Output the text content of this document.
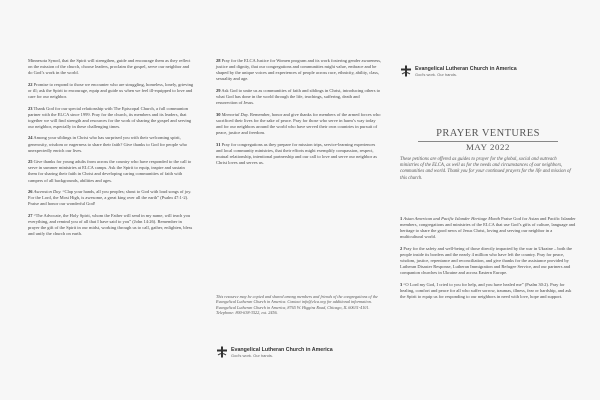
Minnesota Synod, that the Spirit will strengthen, guide and encourage them as they reflect on the mission of the church, choose leaders, proclaim the gospel, serve our neighbor and do God’s work in the world.

22 Promise to respond to those we encounter who are struggling, homeless, lonely, grieving or ill; ask the Spirit to encourage, equip and guide us when we feel ill-equipped to love and care for our neighbor.

23 Thank God for our special relationship with The Episcopal Church, a full communion partner with the ELCA since 1999. Pray for the church, its members and its leaders, that together we will find strength and resources for the work of sharing the gospel and serving our neighbor, especially in these challenging times.

24 Among your siblings in Christ who has surprised you with their welcoming spirit, generosity, wisdom or eagerness to share their faith? Give thanks to God for people who unexpectedly enrich our lives.

25 Give thanks for young adults from across the country who have responded to the call to serve in summer ministries at ELCA camps. Ask the Spirit to equip, inspire and sustain them for sharing their faith in Christ and developing caring communities of faith with campers of all backgrounds, abilities and ages.

26 Ascension Day. “Clap your hands, all you peoples; shout to God with loud songs of joy. For the Lord, the Most High, is awesome, a great king over all the earth” (Psalm 47:1-2). Praise and honor our wonderful God!

27 “The Advocate, the Holy Spirit, whom the Father will send in my name, will teach you everything, and remind you of all that I have said to you” (John 14:26). Remember in prayer the gift of the Spirit in our midst, working through us to call, gather, enlighten, bless and unify the church on earth.

28 Pray for the ELCA Justice for Women program and its work fostering gender awareness, justice and dignity, that our congregations and communities might value, embrace and be shaped by the unique voices and experiences of people across race, ethnicity, ability, class, sexuality and age.

29 Ask God to unite us as communities of faith and siblings in Christ, introducing others to what God has done in the world through the life, teachings, suffering, death and resurrection of Jesus.

30 Memorial Day. Remember, honor and give thanks for members of the armed forces who sacrificed their lives for the sake of peace. Pray for those who serve in harm’s way today and for our neighbors around the world who have served their own countries in pursuit of peace, justice and freedom.

31 Pray for congregations as they prepare for mission trips, service-learning experiences and local community ministries, that their efforts might exemplify compassion, respect, mutual relationship, intentional partnership and our call to love and serve our neighbor as Christ loves and serves us.

This resource may be copied and shared among members and friends of the congregations of the Evangelical Lutheran Church in America. Contact info@elca.org for additional information. Evangelical Lutheran Church in America, 8765 W. Higgins Road, Chicago, IL 60631-4101. Telephone: 800-638-3522, ext. 2456.
Evangelical Lutheran Church in America
God’s work. Our hands.
Evangelical Lutheran Church in America
God’s work. Our hands.
PRAYER VENTURES
MAY 2022
These petitions are offered as guides to prayer for the global, social and outreach ministries of the ELCA, as well as for the needs and circumstances of our neighbors, communities and world. Thank you for your continued prayers for the life and mission of this church.

1 Asian American and Pacific Islander Heritage Month Praise God for Asian and Pacific Islander members, congregations and ministries of the ELCA that use God’s gifts of culture, language and heritage to share the good news of Jesus Christ, loving and serving our neighbor in a multicultural world.

2 Pray for the safety and well-being of those directly impacted by the war in Ukraine – both the people inside its borders and the nearly 4 million who have left the country. Pray for peace, wisdom, justice, repentance and reconciliation, and give thanks for the assistance provided by Lutheran Disaster Response, Lutheran Immigration and Refugee Service, and our partners and companion churches in Ukraine and across Eastern Europe.

3 “O Lord my God, I cried to you for help, and you have healed me” (Psalm 30:2). Pray for healing, comfort and peace for all who suffer sorrow, traumas, illness, fear or hardship, and ask the Spirit to equip us for responding to our neighbors in need with love, hope and support.
